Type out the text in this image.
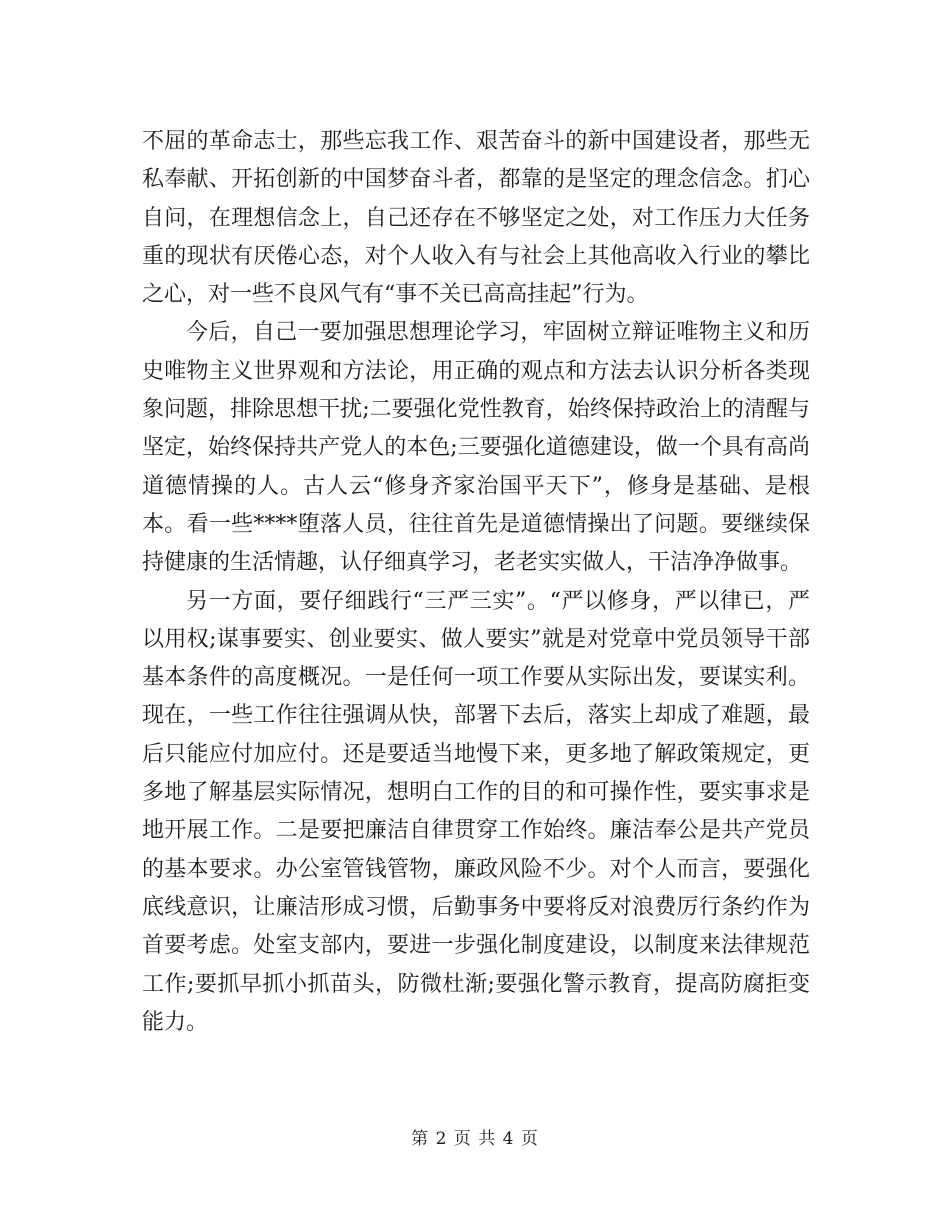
不屈的革命志士，那些忘我工作、艰苦奋斗的新中国建设者，那些无私奉献、开拓创新的中国梦奋斗者，都靠的是坚定的理念信念。扪心自问，在理想信念上，自己还存在不够坚定之处，对工作压力大任务重的现状有厌倦心态，对个人收入有与社会上其他高收入行业的攀比之心，对一些不良风气有“事不关已高高挂起”行为。

今后，自己一要加强思想理论学习，牢固树立辩证唯物主义和历史唯物主义世界观和方法论，用正确的观点和方法去认识分析各类现象问题，排除思想干扰;二要强化党性教育，始终保持政治上的清醒与坚定，始终保持共产党人的本色;三要强化道德建设，做一个具有高尚道德情操的人。古人云“修身齐家治国平天下”，修身是基础、是根本。看一些****堕落人员，往往首先是道德情操出了问题。要继续保持健康的生活情趣，认仔细真学习，老老实实做人，干洁净净做事。

另一方面，要仔细践行“三严三实”。“严以修身，严以律已，严以用权;谋事要实、创业要实、做人要实”就是对党章中党员领导干部基本条件的高度概况。一是任何一项工作要从实际出发，要谋实利。现在，一些工作往往强调从快，部署下去后，落实上却成了难题，最后只能应付加应付。还是要适当地慢下来，更多地了解政策规定，更多地了解基层实际情况，想明白工作的目的和可操作性，要实事求是地开展工作。二是要把廉洁自律贯穿工作始终。廉洁奉公是共产党员的基本要求。办公室管钱管物，廉政风险不少。对个人而言，要强化底线意识，让廉洁形成习惯，后勤事务中要将反对浪费厉行条约作为首要考虑。处室支部内，要进一步强化制度建设，以制度来法律规范工作;要抓早抓小抓苗头，防微杜渐;要强化警示教育，提高防腐拒变能力。

第 2 页 共 4 页
